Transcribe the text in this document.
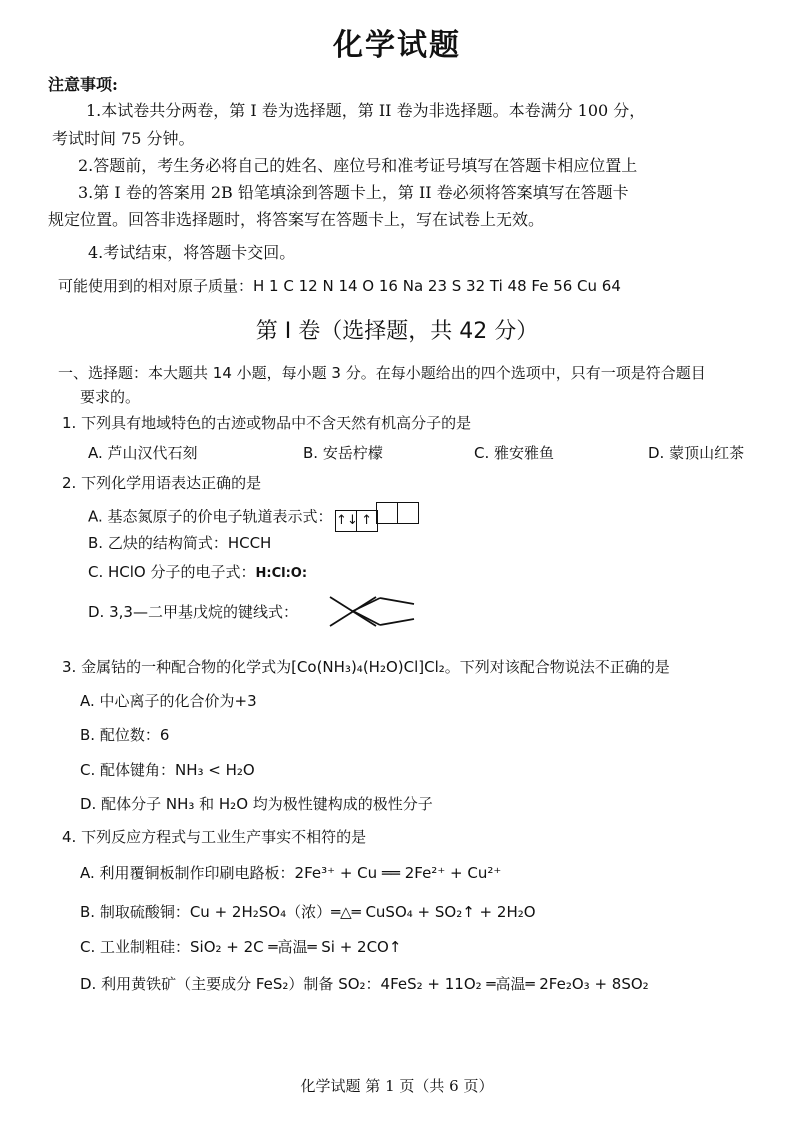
化学试题
注意事项:
1.本试卷共分两卷，第 I 卷为选择题，第 II 卷为非选择题。本卷满分 100 分，
考试时间 75 分钟。
2.答题前，考生务必将自己的姓名、座位号和准考证号填写在答题卡相应位置上
3.第 I 卷的答案用 2B 铅笔填涂到答题卡上，第 II 卷必须将答案填写在答题卡
规定位置。回答非选择题时，将答案写在答题卡上，写在试卷上无效。
4.考试结束，将答题卡交回。
可能使用到的相对原子质量：H 1 C 12 N 14 O 16 Na 23 S 32 Ti 48 Fe 56 Cu 64
第 I 卷（选择题，共 42 分）
一、选择题：本大题共 14 小题，每小题 3 分。在每小题给出的四个选项中，只有一项是符合题目
要求的。
1. 下列具有地域特色的古迹或物品中不含天然有机高分子的是
A. 芦山汉代石刻	B. 安岳柠檬	C. 雅安雅鱼	D. 蒙顶山红茶
2. 下列化学用语表达正确的是
A. 基态氮原子的价电子轨道表示式： ↑↓ ↑
B. 乙炔的结构简式：HCCH
C. HClO 分子的电子式：H:Cl:O:
D. 3,3—二甲基戊烷的键线式：
3. 金属钴的一种配合物的化学式为[Co(NH₃)₄(H₂O)Cl]Cl₂。下列对该配合物说法不正确的是
A. 中心离子的化合价为+3
B. 配位数：6
C. 配体键角：NH₃ < H₂O
D. 配体分子 NH₃ 和 H₂O 均为极性键构成的极性分子
4. 下列反应方程式与工业生产事实不相符的是
A. 利用覆铜板制作印刷电路板：2Fe³⁺ + Cu ══ 2Fe²⁺ + Cu²⁺
B. 制取硫酸铜：Cu + 2H₂SO₄（浓）═△═ CuSO₄ + SO₂↑ + 2H₂O
C. 工业制粗硅：SiO₂ + 2C ═高温═ Si + 2CO↑
D. 利用黄铁矿（主要成分 FeS₂）制备 SO₂：4FeS₂ + 11O₂ ═高温═ 2Fe₂O₃ + 8SO₂
化学试题 第 1 页（共 6 页）
